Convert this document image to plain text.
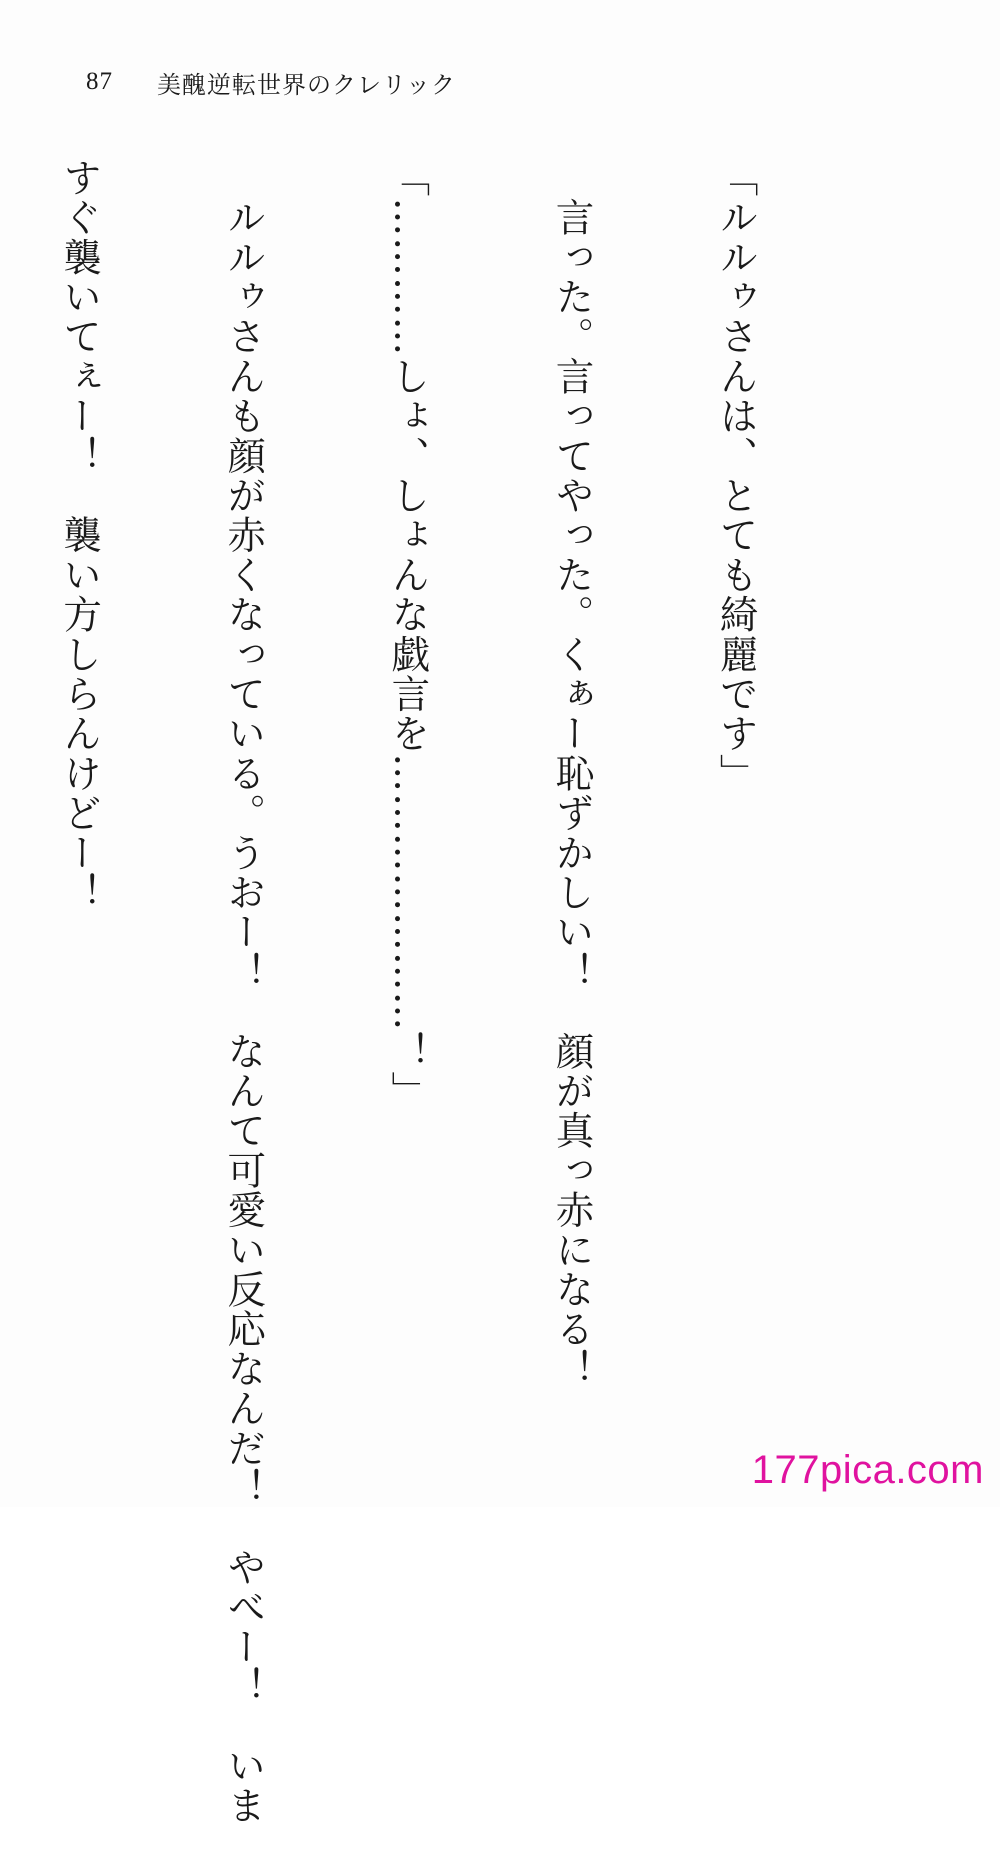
87 美醜逆転世界のクレリック

「ルルゥさんは、とても綺麗です」

　言った。言ってやった。くぁー恥ずかしい！　顔が真っ赤になる！

「…………しょ、しょんな戯言を…………………！」

　ルルゥさんも顔が赤くなっている。うおー！　なんて可愛い反応なんだ！　やべー！　いま

すぐ襲いてぇー！　襲い方しらんけどー！

177pica.com
